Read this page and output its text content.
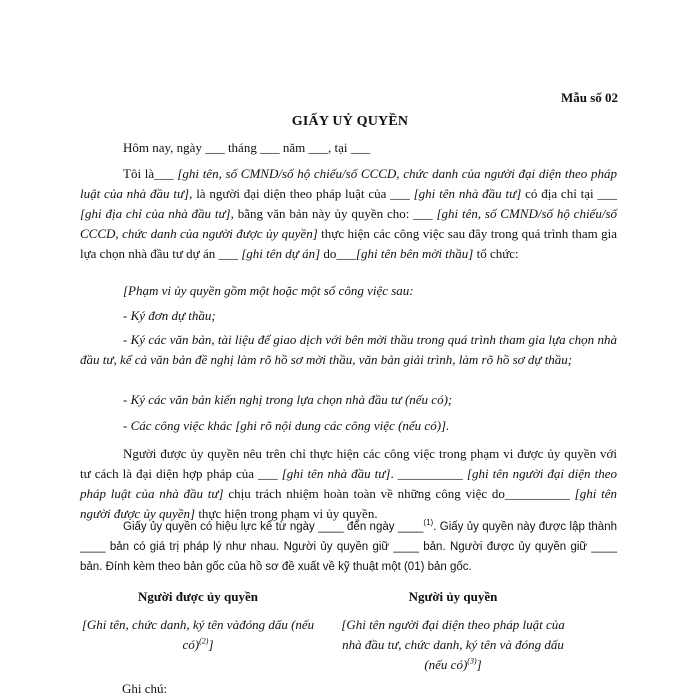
Mẫu số 02
GIẤY UỶ QUYỀN

Hôm nay, ngày ___ tháng ___ năm ___, tại ___

Tôi là___ [ghi tên, số CMND/số hộ chiếu/số CCCD, chức danh của người đại diện theo pháp luật của nhà đầu tư], là người đại diện theo pháp luật của ___ [ghi tên nhà đầu tư] có địa chỉ tại ___ [ghi địa chỉ của nhà đầu tư], bằng văn bản này ủy quyền cho: ___ [ghi tên, số CMND/số hộ chiếu/số CCCD, chức danh của người được ủy quyền] thực hiện các công việc sau đây trong quá trình tham gia lựa chọn nhà đầu tư dự án ___ [ghi tên dự án] do___[ghi tên bên mời thầu] tổ chức:

[Phạm vi ủy quyền gồm một hoặc một số công việc sau:

- Ký đơn dự thầu;

- Ký các văn bản, tài liệu để giao dịch với bên mời thầu trong quá trình tham gia lựa chọn nhà đầu tư, kể cả văn bản đề nghị làm rõ hồ sơ mời thầu, văn bản giải trình, làm rõ hồ sơ dự thầu;

- Ký các văn bản kiến nghị trong lựa chọn nhà đầu tư (nếu có);

- Các công việc khác [ghi rõ nội dung các công việc (nếu có)].

Người được ủy quyền nêu trên chỉ thực hiện các công việc trong phạm vi được ủy quyền với tư cách là đại diện hợp pháp của ___ [ghi tên nhà đầu tư]. __________ [ghi tên người đại diện theo pháp luật của nhà đầu tư] chịu trách nhiệm hoàn toàn về những công việc do__________ [ghi tên người được ủy quyền] thực hiện trong phạm vi ủy quyền.

Giấy ủy quyền có hiệu lực kể từ ngày ____ đến ngày ____$^{(1)}$. Giấy ủy quyền này được lập thành ____ bản có giá trị pháp lý như nhau. Người ủy quyền giữ ____ bản. Người được ủy quyền giữ ____ bản. Đính kèm theo bản gốc của hồ sơ đề xuất về kỹ thuật một (01) bản gốc.

Người được ủy quyền
[Ghi tên, chức danh, ký tên vàđóng dấu (nếu có)$^{(2)}$]
Người ủy quyền
[Ghi tên người đại diện theo pháp luật của nhà đầu tư, chức danh, ký tên và đóng dấu (nếu có)$^{(3)}$]
Ghi chú:
